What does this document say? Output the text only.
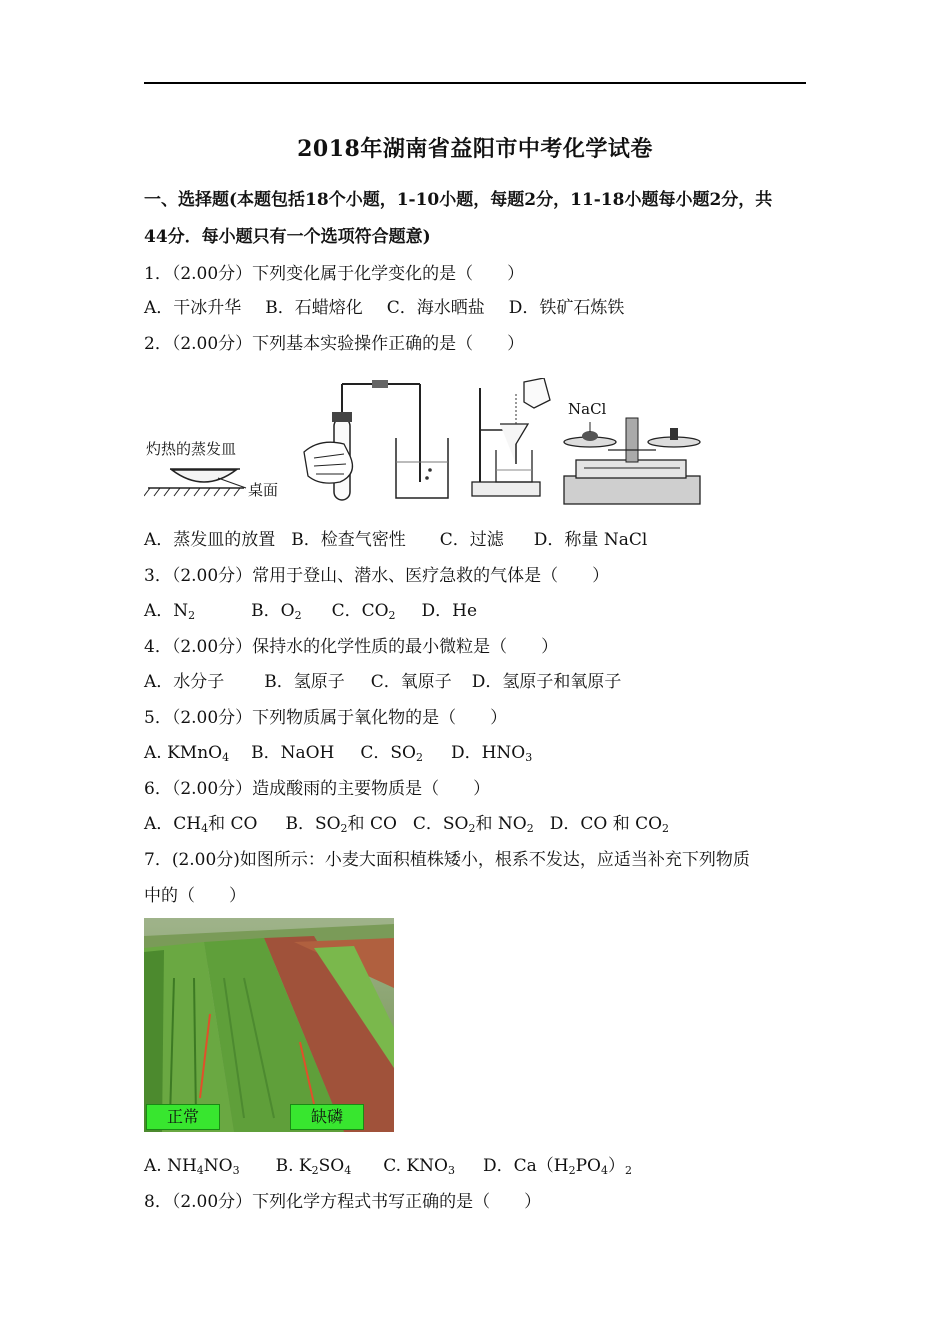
2018年湖南省益阳市中考化学试卷
一、选择题(本题包括18个小题，1-10小题，每题2分，11-18小题每小题2分，共
44分．每小题只有一个选项符合题意)
1．（2.00分）下列变化属于化学变化的是（　　）
A．干冰升华 B．石蜡熔化 C．海水晒盐 D．铁矿石炼铁
2．（2.00分）下列基本实验操作正确的是（　　）
灼热的蒸发皿
桌面
NaCl
A．蒸发皿的放置 B．检查气密性 C．过滤 D．称量 NaCl
3．（2.00分）常用于登山、潜水、医疗急救的气体是（　　）
A．$N_2$	B．$O_2$ C．$CO_2$ D．He
4．（2.00分）保持水的化学性质的最小微粒是（　　）
A．水分子 B．氢原子 C．氧原子 D．氢原子和氧原子
5．（2.00分）下列物质属于氧化物的是（　　）
A. KMnO$_4$ B．NaOH C．$SO_2$ D．$HNO_3$
6．（2.00分）造成酸雨的主要物质是（　　）
A．$CH_4$和 CO B．$SO_2$和 CO C．$SO_2$和 $NO_2$ D．CO 和 $CO_2$
7．(2.00分)如图所示：小麦大面积植株矮小，根系不发达，应适当补充下列物质
中的（　　）
正常	缺磷
A. $NH_4NO_3$ B. $K_2SO_4$ C. $KNO_3$ D．$Ca(H_2PO_4)_2$
8．（2.00分）下列化学方程式书写正确的是（　　）
